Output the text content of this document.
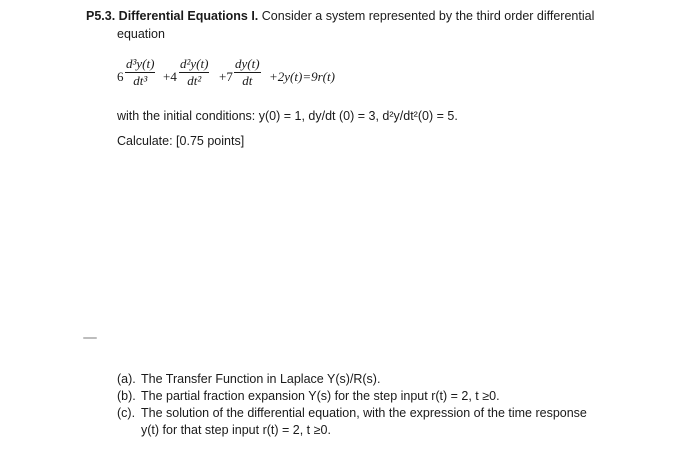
P5.3. Differential Equations I. Consider a system represented by the third order differential
equation
6
d³y(t)
dt³	+4
d²y(t)
dt²	+7
dy(t)
dt	+2y(t)=9r(t)
with the initial conditions: y(0) = 1, dy/dt (0) = 3, d²y/dt²(0) = 5.
Calculate: [0.75 points]
(a). The Transfer Function in Laplace Y(s)/R(s).
(b). The partial fraction expansion Y(s) for the step input r(t) = 2, t ≥0.
(c). The solution of the differential equation, with the expression of the time response
y(t) for that step input r(t) = 2, t ≥0.
